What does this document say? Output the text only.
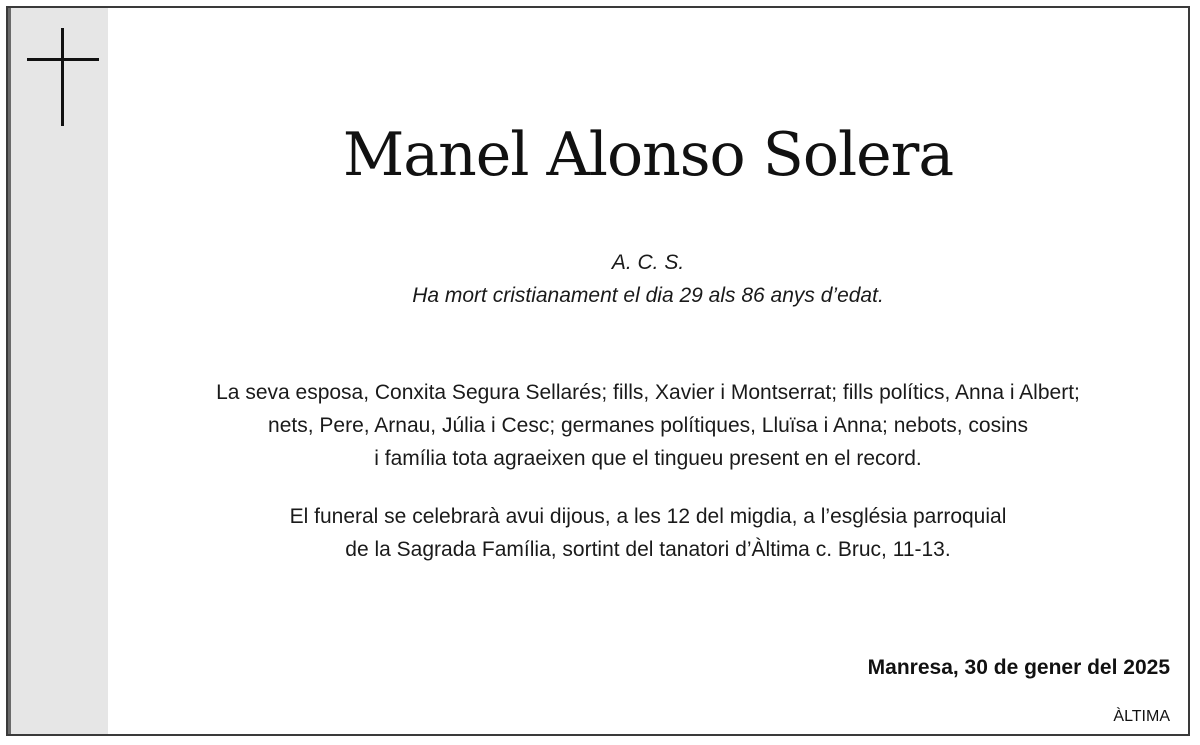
Manel Alonso Solera
A. C. S.
Ha mort cristianament el dia 29 als 86 anys d’edat.
La seva esposa, Conxita Segura Sellarés; fills, Xavier i Montserrat; fills polítics, Anna i Albert;
nets, Pere, Arnau, Júlia i Cesc; germanes polítiques, Lluïsa i Anna; nebots, cosins
i família tota agraeixen que el tingueu present en el record.
El funeral se celebrarà avui dijous, a les 12 del migdia, a l’església parroquial
de la Sagrada Família, sortint del tanatori d’Àltima c. Bruc, 11-13.
Manresa, 30 de gener del 2025
ÀLTIMA
